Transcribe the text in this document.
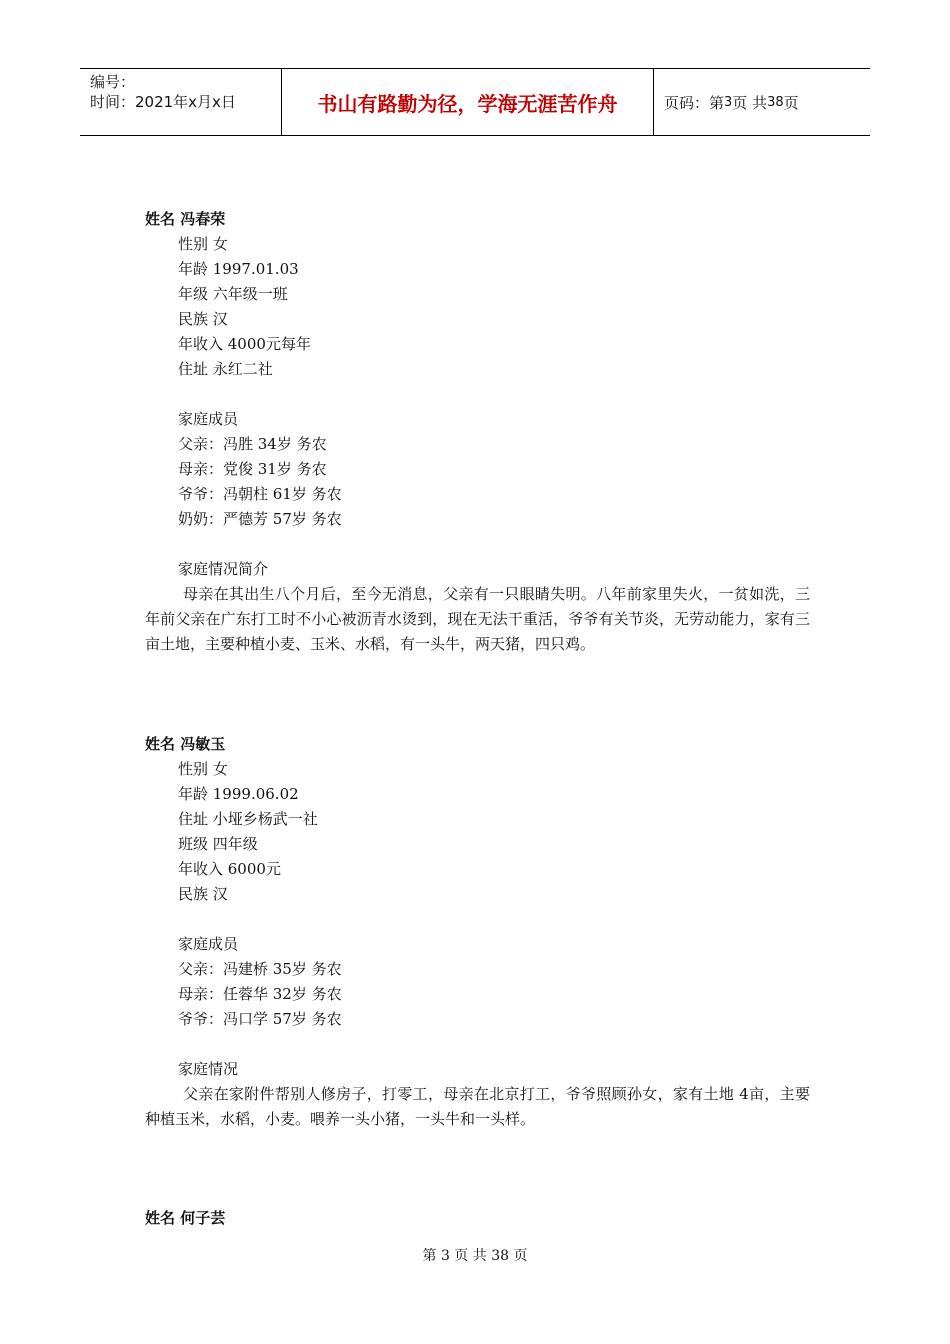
编号：
时间：2021年x月x日	书山有路勤为径，学海无涯苦作舟	页码：第 3 页 共 38 页
姓名 冯春荣
性别 女
年龄 1997.01.03
年级 六年级一班
民族 汉
年收入 4000元每年
住址 永红二社
家庭成员
父亲：冯胜 34岁 务农
母亲：党俊 31岁 务农
爷爷：冯朝柱 61岁 务农
奶奶：严德芳 57岁 务农
家庭情况简介
母亲在其出生八个月后，至今无消息，父亲有一只眼睛失明。八年前家里失火，一贫如洗，三年前父亲在广东打工时不小心被沥青水烫到，现在无法干重活，爷爷有关节炎，无劳动能力，家有三亩土地，主要种植小麦、玉米、水稻，有一头牛，两天猪，四只鸡。
姓名 冯敏玉
性别 女
年龄 1999.06.02
住址 小垭乡杨武一社
班级 四年级
年收入 6000元
民族 汉
家庭成员
父亲：冯建桥 35岁 务农
母亲：任蓉华 32岁 务农
爷爷：冯口学 57岁 务农
家庭情况
父亲在家附件帮别人修房子，打零工，母亲在北京打工，爷爷照顾孙女，家有土地 4亩，主要种植玉米，水稻，小麦。喂养一头小猪，一头牛和一头样。
姓名 何子芸
第 3 页 共 38 页
